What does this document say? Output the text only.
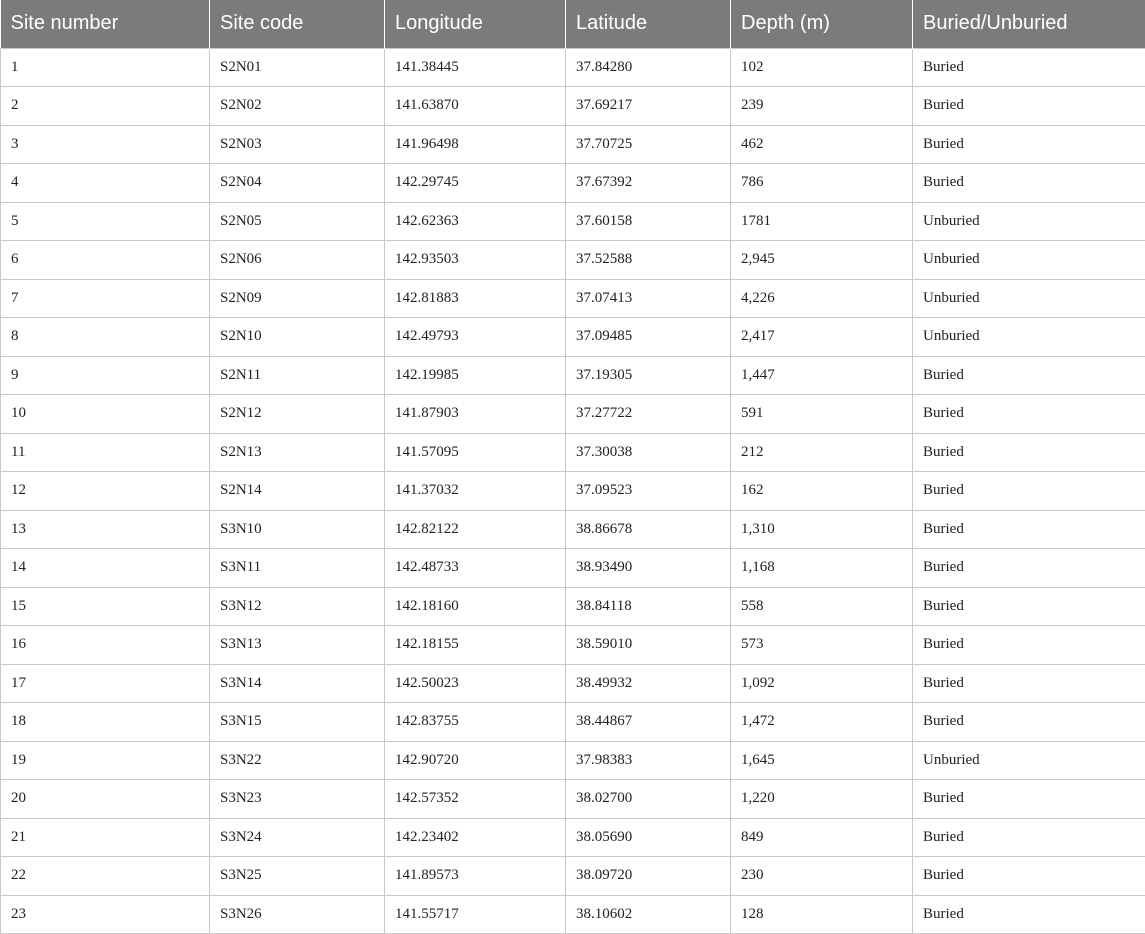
Site number	Site code	Longitude	Latitude	Depth (m)	Buried/Unburied
1	S2N01	141.38445	37.84280	102	Buried
2	S2N02	141.63870	37.69217	239	Buried
3	S2N03	141.96498	37.70725	462	Buried
4	S2N04	142.29745	37.67392	786	Buried
5	S2N05	142.62363	37.60158	1781	Unburied
6	S2N06	142.93503	37.52588	2,945	Unburied
7	S2N09	142.81883	37.07413	4,226	Unburied
8	S2N10	142.49793	37.09485	2,417	Unburied
9	S2N11	142.19985	37.19305	1,447	Buried
10	S2N12	141.87903	37.27722	591	Buried
11	S2N13	141.57095	37.30038	212	Buried
12	S2N14	141.37032	37.09523	162	Buried
13	S3N10	142.82122	38.86678	1,310	Buried
14	S3N11	142.48733	38.93490	1,168	Buried
15	S3N12	142.18160	38.84118	558	Buried
16	S3N13	142.18155	38.59010	573	Buried
17	S3N14	142.50023	38.49932	1,092	Buried
18	S3N15	142.83755	38.44867	1,472	Buried
19	S3N22	142.90720	37.98383	1,645	Unburied
20	S3N23	142.57352	38.02700	1,220	Buried
21	S3N24	142.23402	38.05690	849	Buried
22	S3N25	141.89573	38.09720	230	Buried
23	S3N26	141.55717	38.10602	128	Buried
